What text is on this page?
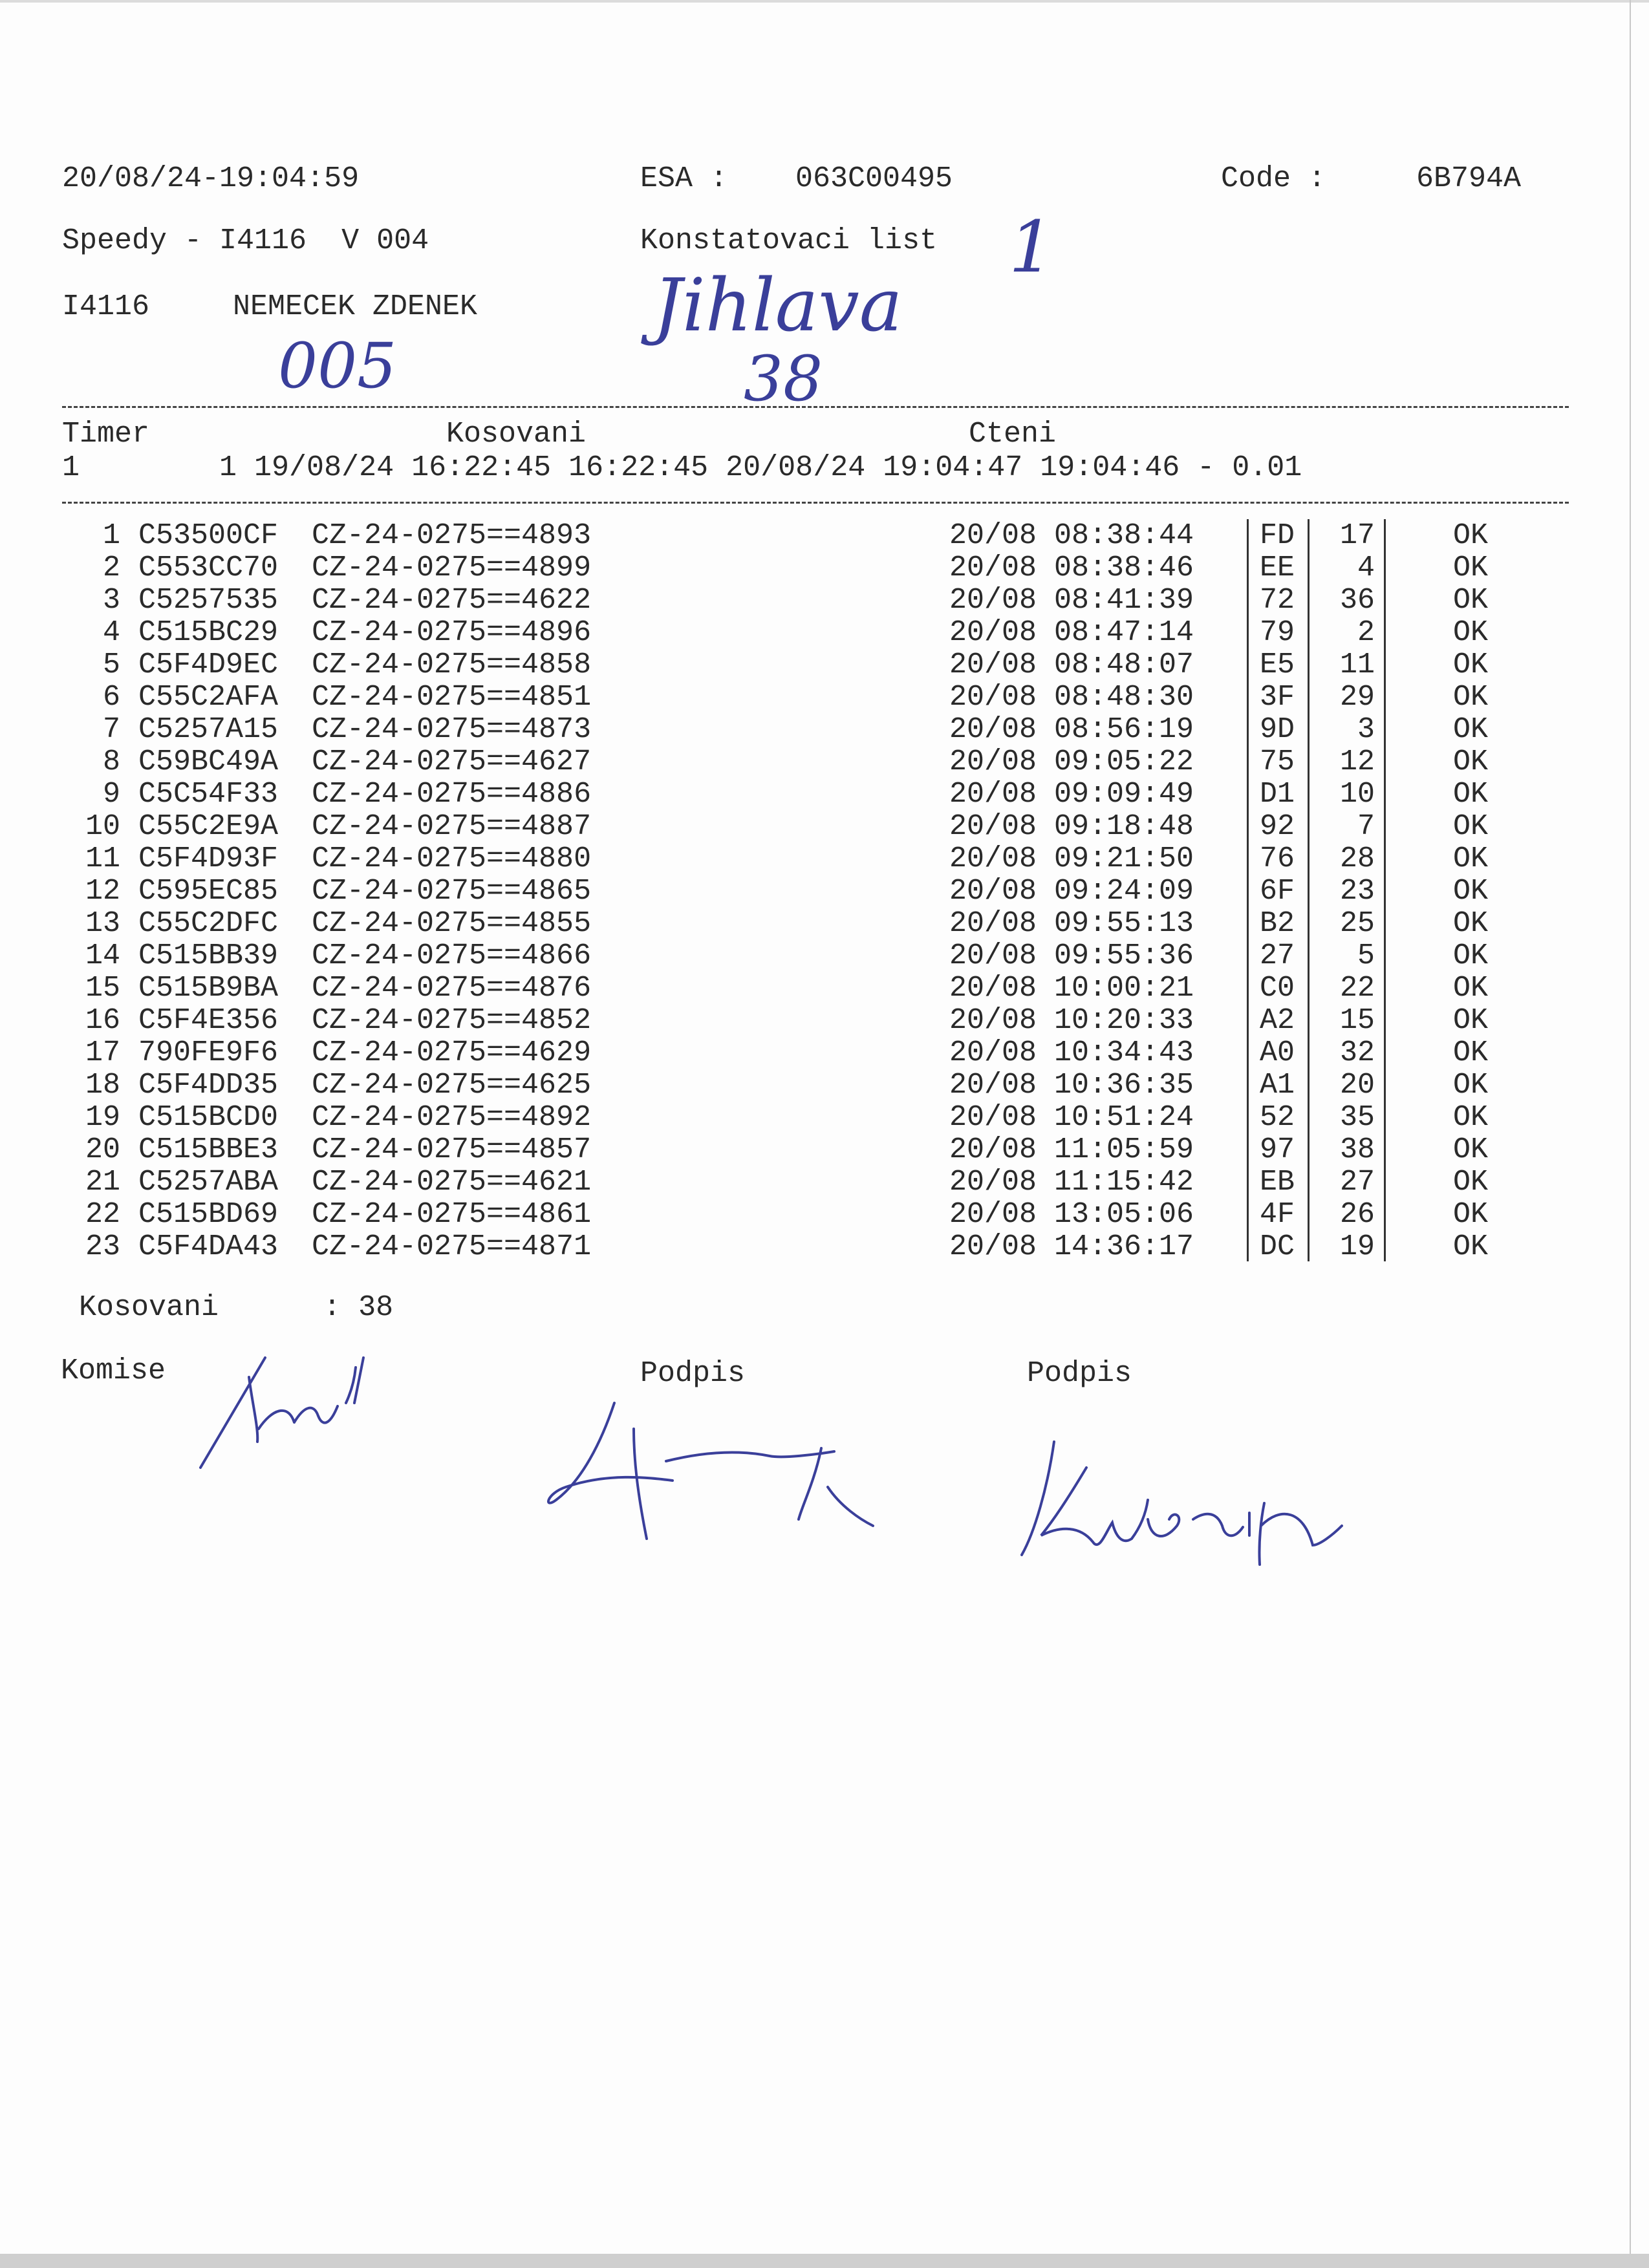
20/08/24-19:04:59	ESA : 063C00495	Code :	6B794A
Speedy - I4116  V 004	Konstatovaci list 1
I4116	NEMECEK ZDENEK Jihlava
005	38
Timer	Kosovani	Cteni
1        1 19/08/24 16:22:45 16:22:45 20/08/24 19:04:47 19:04:46 - 0.01
1 C53500CF CZ-24-0275==4893	20/08 08:38:44 FD	17	OK
2 C553CC70 CZ-24-0275==4899	20/08 08:38:46 EE	4	OK
3 C5257535 CZ-24-0275==4622	20/08 08:41:39 72	36	OK
4 C515BC29 CZ-24-0275==4896	20/08 08:47:14 79	2	OK
5 C5F4D9EC CZ-24-0275==4858	20/08 08:48:07 E5	11	OK
6 C55C2AFA CZ-24-0275==4851	20/08 08:48:30 3F	29	OK
7 C5257A15 CZ-24-0275==4873	20/08 08:56:19 9D	3	OK
8 C59BC49A CZ-24-0275==4627	20/08 09:05:22 75	12	OK
9 C5C54F33 CZ-24-0275==4886	20/08 09:09:49 D1	10	OK
10 C55C2E9A CZ-24-0275==4887	20/08 09:18:48 92	7	OK
11 C5F4D93F CZ-24-0275==4880	20/08 09:21:50 76	28	OK
12 C595EC85 CZ-24-0275==4865	20/08 09:24:09 6F	23	OK
13 C55C2DFC CZ-24-0275==4855	20/08 09:55:13 B2	25	OK
14 C515BB39 CZ-24-0275==4866	20/08 09:55:36 27	5	OK
15 C515B9BA CZ-24-0275==4876	20/08 10:00:21 C0	22	OK
16 C5F4E356 CZ-24-0275==4852	20/08 10:20:33 A2	15	OK
17 790FE9F6 CZ-24-0275==4629	20/08 10:34:43 A0	32	OK
18 C5F4DD35 CZ-24-0275==4625	20/08 10:36:35 A1	20	OK
19 C515BCD0 CZ-24-0275==4892	20/08 10:51:24 52	35	OK
20 C515BBE3 CZ-24-0275==4857	20/08 11:05:59 97	38	OK
21 C5257ABA CZ-24-0275==4621	20/08 11:15:42 EB	27	OK
22 C515BD69 CZ-24-0275==4861	20/08 13:05:06 4F	26	OK
23 C5F4DA43 CZ-24-0275==4871	20/08 14:36:17 DC	19	OK
Kosovani      : 38
Komise	Podpis	Podpis
